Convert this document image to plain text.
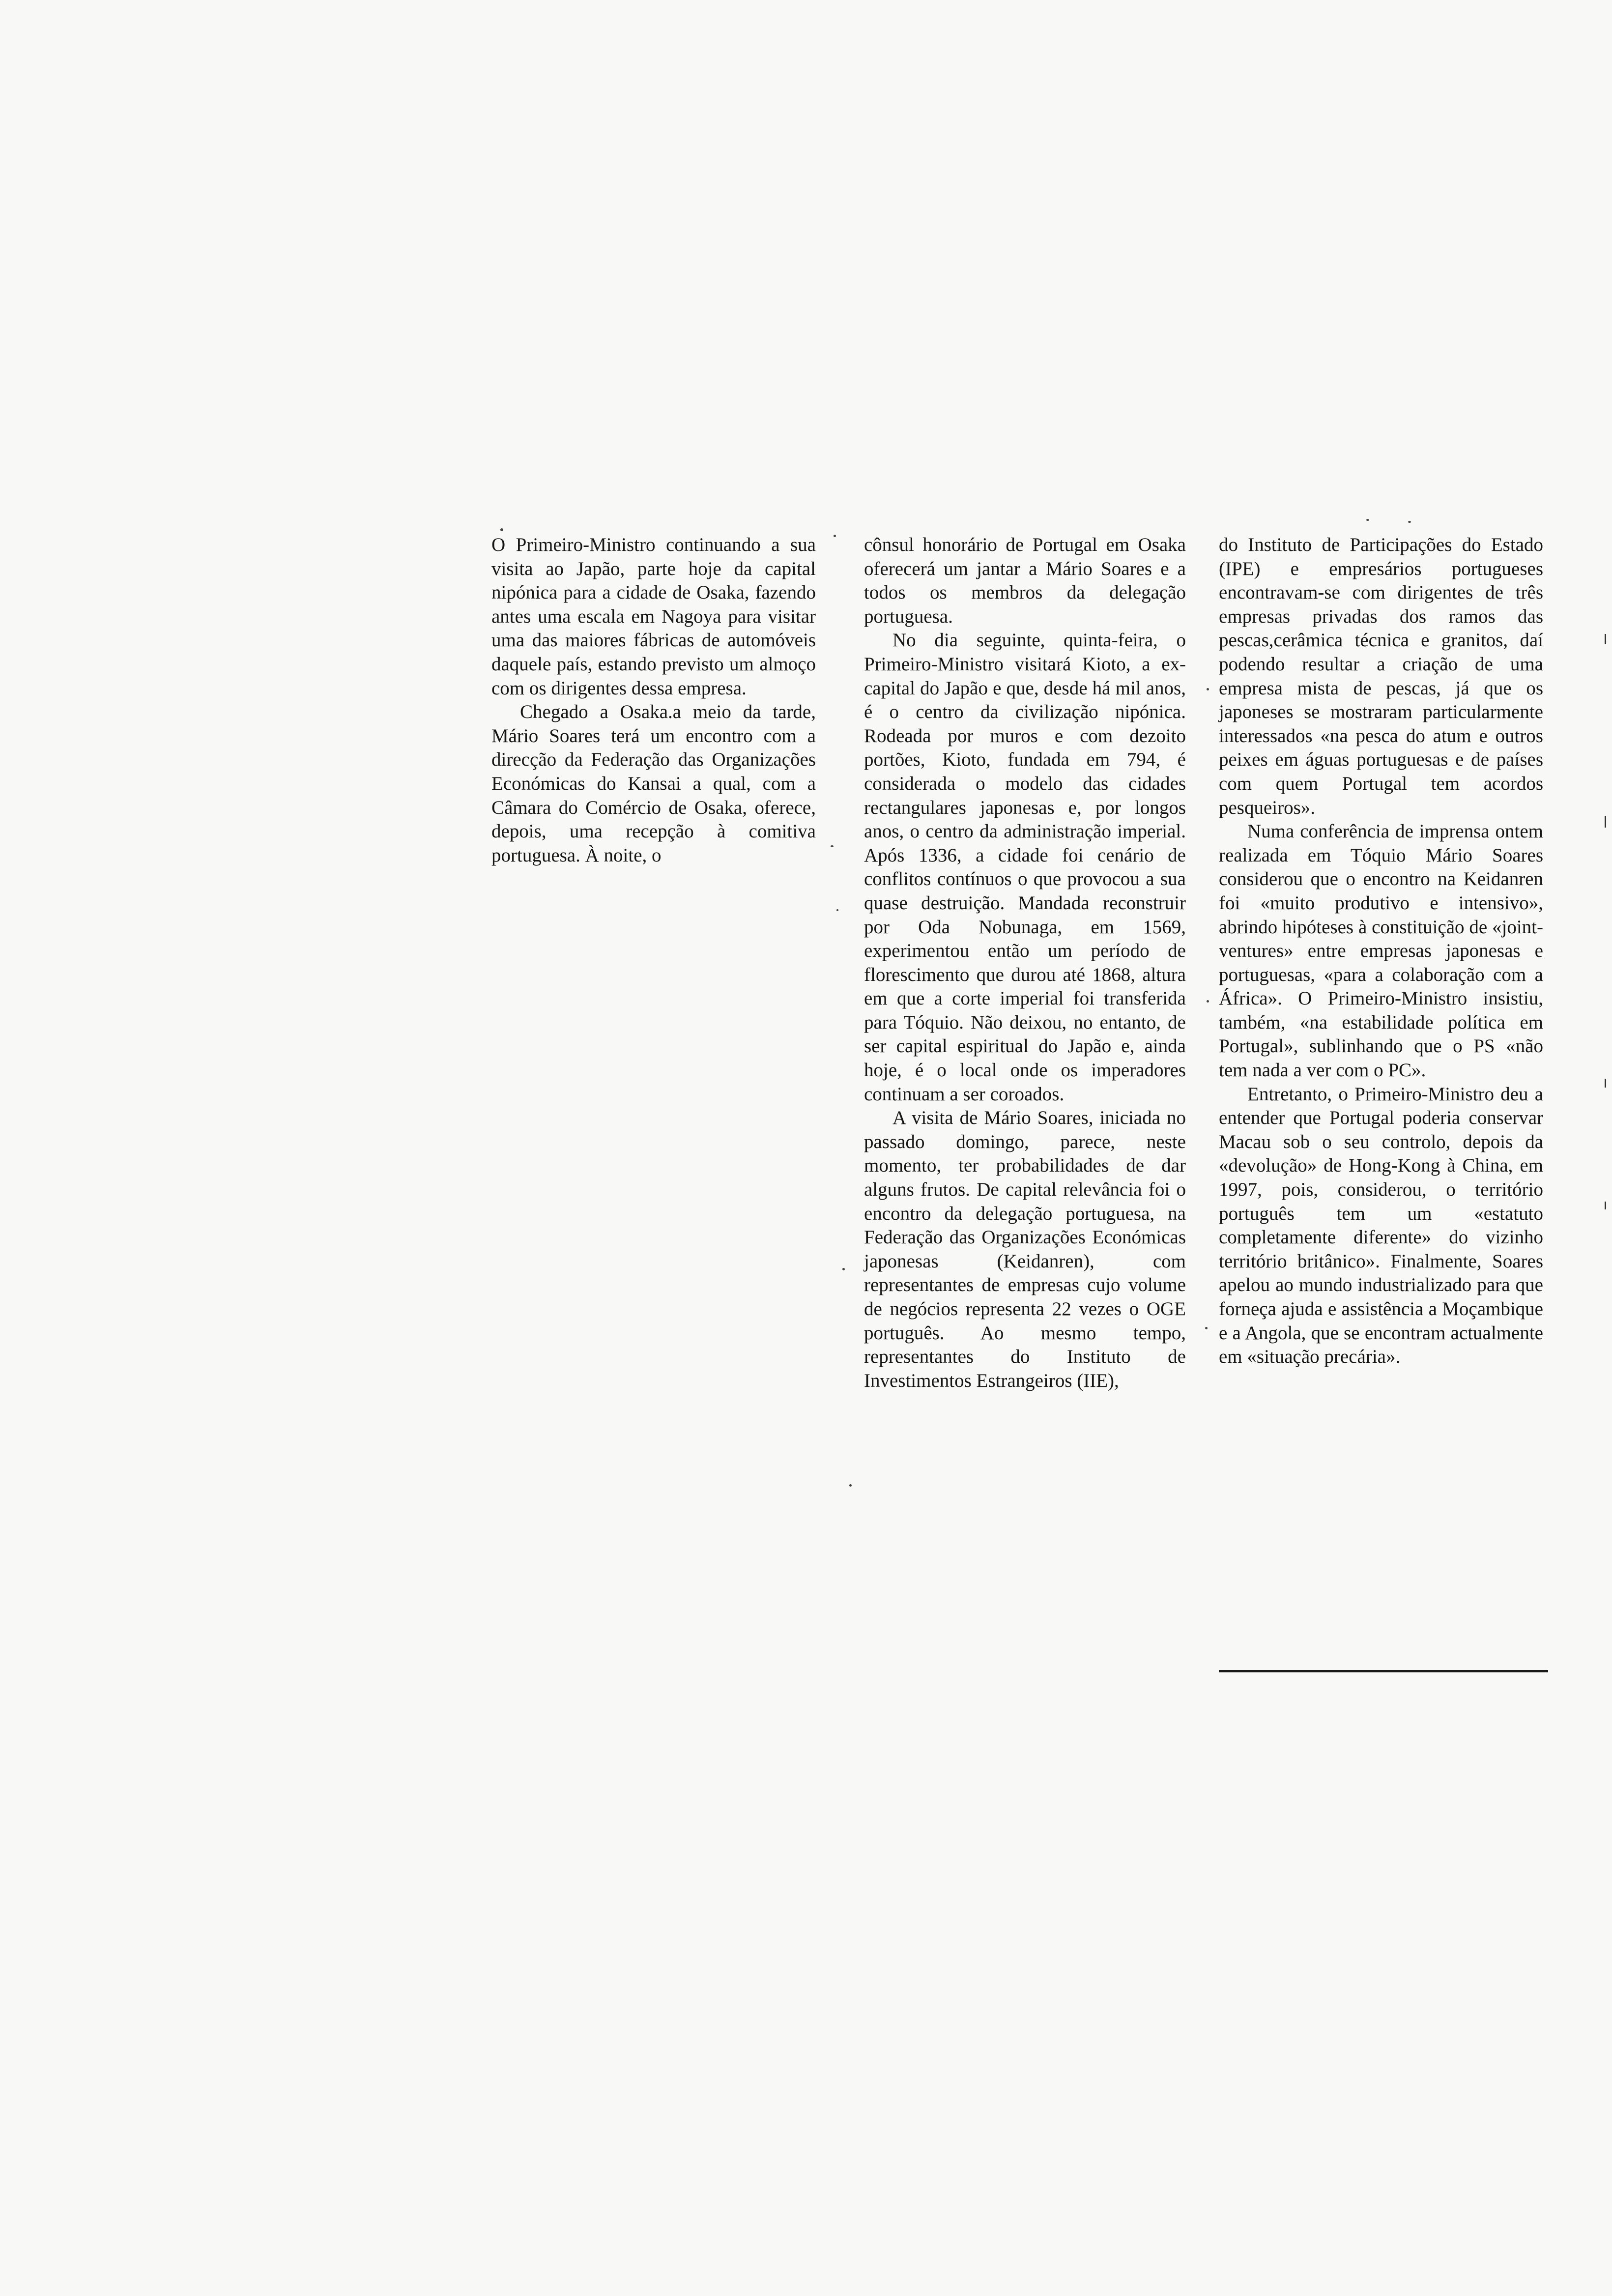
O Primeiro-Ministro continuando a sua visita ao Japão, parte hoje da capital nipónica para a cidade de Osaka, fazendo antes uma escala em Nagoya para visitar uma das maiores fábricas de automóveis daquele país, estando previsto um almoço com os dirigentes dessa empresa.

Chegado a Osaka.a meio da tarde, Mário Soares terá um encontro com a direcção da Federação das Organizações Económicas do Kansai a qual, com a Câmara do Comércio de Osaka, oferece, depois, uma recepção à comitiva portuguesa. À noite, o

cônsul honorário de Portugal em Osaka oferecerá um jantar a Mário Soares e a todos os membros da delegação portuguesa.

No dia seguinte, quinta-feira, o Primeiro-Ministro visitará Kioto, a ex-capital do Japão e que, desde há mil anos, é o centro da civilização nipónica. Rodeada por muros e com dezoito portões, Kioto, fundada em 794, é considerada o modelo das cidades rectangulares japonesas e, por longos anos, o centro da administração imperial. Após 1336, a cidade foi cenário de conflitos contínuos o que provocou a sua quase destruição. Mandada reconstruir por Oda Nobunaga, em 1569, experimentou então um período de florescimento que durou até 1868, altura em que a corte imperial foi transferida para Tóquio. Não deixou, no entanto, de ser capital espiritual do Japão e, ainda hoje, é o local onde os imperadores continuam a ser coroados.

A visita de Mário Soares, iniciada no passado domingo, parece, neste momento, ter probabilidades de dar alguns frutos. De capital relevância foi o encontro da delegação portuguesa, na Federação das Organizações Económicas japonesas (Keidanren), com representantes de empresas cujo volume de negócios representa 22 vezes o OGE português. Ao mesmo tempo, representantes do Instituto de Investimentos Estrangeiros (IIE),

do Instituto de Participações do Estado (IPE) e empresários portugueses encontravam-se com dirigentes de três empresas privadas dos ramos das pescas,cerâmica técnica e granitos, daí podendo resultar a criação de uma empresa mista de pescas, já que os japoneses se mostraram particularmente interessados «na pesca do atum e outros peixes em águas portuguesas e de países com quem Portugal tem acordos pesqueiros».

Numa conferência de imprensa ontem realizada em Tóquio Mário Soares considerou que o encontro na Keidanren foi «muito produtivo e intensivo», abrindo hipóteses à constituição de «joint-ventures» entre empresas japonesas e portuguesas, «para a colaboração com a África». O Primeiro-Ministro insistiu, também, «na estabilidade política em Portugal», sublinhando que o PS «não tem nada a ver com o PC».

Entretanto, o Primeiro-Ministro deu a entender que Portugal poderia conservar Macau sob o seu controlo, depois da «devolução» de Hong-Kong à China, em 1997, pois, considerou, o território português tem um «estatuto completamente diferente» do vizinho território britânico». Finalmente, Soares apelou ao mundo industrializado para que forneça ajuda e assistência a Moçambique e a Angola, que se encontram actualmente em «situação precária».
